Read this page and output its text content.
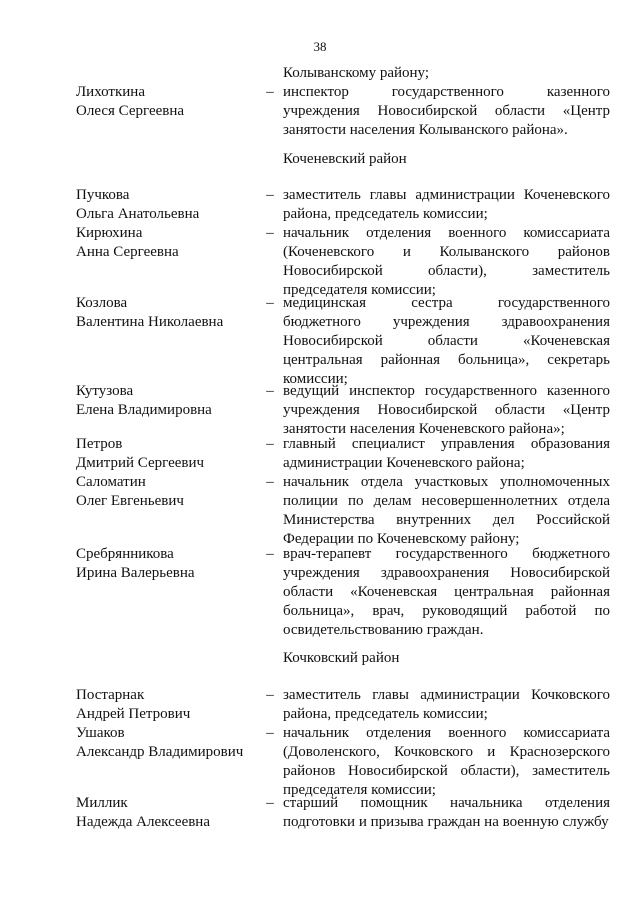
38
Колыванскому району;
Лихоткина
Олеся Сергеевна
– инспектор государственного казенного
учреждения Новосибирской области «Центр
занятости населения Колыванского района».
Коченевский район
Пучкова
Ольга Анатольевна
– заместитель главы администрации Коченевского
района, председатель комиссии;
Кирюхина
Анна Сергеевна
– начальник отделения военного комиссариата
(Коченевского и Колыванского районов
Новосибирской области), заместитель
председателя комиссии;
Козлова
Валентина Николаевна
– медицинская сестра государственного
бюджетного учреждения здравоохранения
Новосибирской области «Коченевская
центральная районная больница», секретарь
комиссии;
Кутузова
Елена Владимировна
– ведущий инспектор государственного казенного
учреждения Новосибирской области «Центр
занятости населения Коченевского района»;
Петров
Дмитрий Сергеевич
– главный специалист управления образования
администрации Коченевского района;
Саломатин
Олег Евгеньевич
– начальник отдела участковых уполномоченных
полиции по делам несовершеннолетних отдела
Министерства внутренних дел Российской
Федерации по Коченевскому району;
Сребрянникова
Ирина Валерьевна
– врач-терапевт государственного бюджетного
учреждения здравоохранения Новосибирской
области «Коченевская центральная районная
больница», врач, руководящий работой по
освидетельствованию граждан.
Кочковский район
Постарнак
Андрей Петрович
– заместитель главы администрации Кочковского
района, председатель комиссии;
Ушаков
Александр Владимирович
– начальник отделения военного комиссариата
(Доволенского, Кочковского и Краснозерского
районов Новосибирской области), заместитель
председателя комиссии;
Миллик
Надежда Алексеевна
– старший помощник начальника отделения
подготовки и призыва граждан на военную службу
